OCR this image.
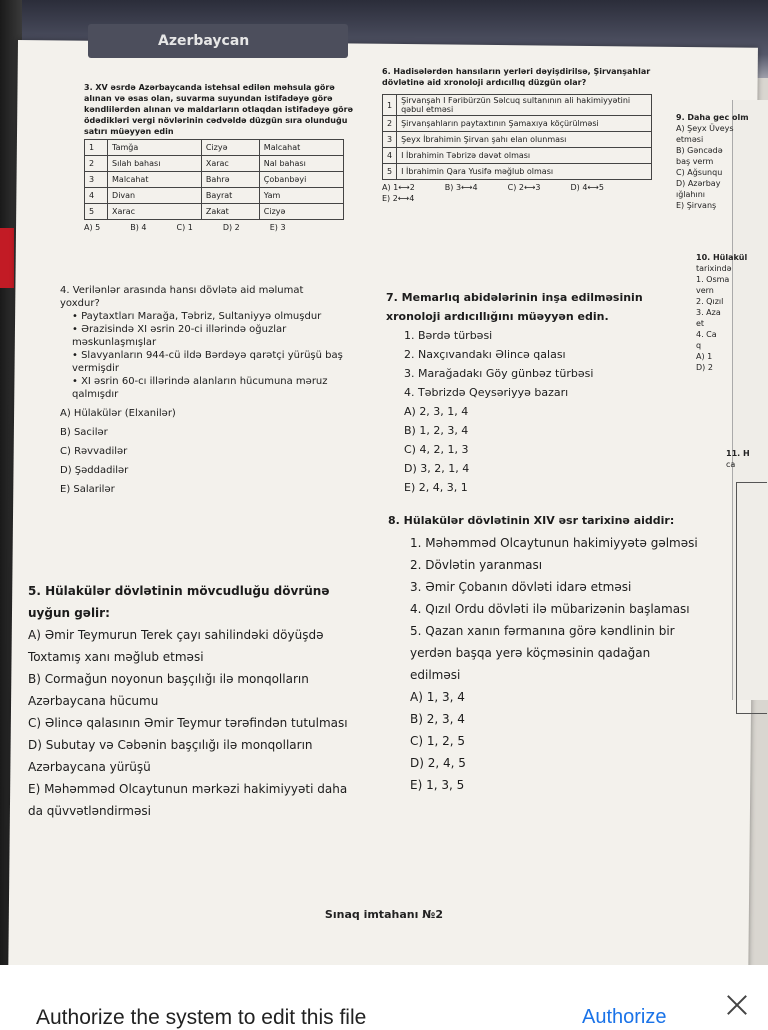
Azerbaycan

3. XV əsrdə Azərbaycanda istehsal edilən məhsula görə alınan və əsas olan, suvarma suyundan istifadəyə görə kəndlilərdən alınan və maldarların otlaqdan istifadəyə görə ödədikləri vergi növlərinin cədvəldə düzgün sıra olunduğu satırı müəyyən edin

1	Tamğa	Cizyə	Malcahat
2	Sılah bahası	Xarac	Nal bahası
3	Malcahat	Bahrə	Çobanbəyi
4	Divan	Bayrat	Yam
5	Xarac	Zakat	Cizyə
A) 5	B) 4	C) 1	D) 2	E) 3

4. Verilənlər arasında hansı dövlətə aid məlumat yoxdur?

• Paytaxtları Marağa, Təbriz, Sultaniyyə olmuşdur
• Ərazisində XI əsrin 20-ci illərində oğuzlar məskunlaşmışlar
• Slavyanların 944-cü ildə Bərdəyə qarətçi yürüşü baş vermişdir
• XI əsrin 60-cı illərində alanların hücumuna məruz qalmışdır
A) Hülakülər (Elxanilər)
B) Sacilər
C) Rəvvadilər
D) Şəddadilər
E) Salarilər

5. Hülakülər dövlətinin mövcudluğu dövrünə uyğun gəlir:

A) Əmir Teymurun Terek çayı sahilindəki döyüşdə Toxtamış xanı məğlub etməsi
B) Cormağun noyonun başçılığı ilə monqolların Azərbaycana hücumu
C) Əlincə qalasının Əmir Teymur tərəfindən tutulması
D) Subutay və Cəbənin başçılığı ilə monqolların Azərbaycana yürüşü
E) Məhəmməd Olcaytunun mərkəzi hakimiyyəti daha da qüvvətləndirməsi

6. Hadisələrdən hansıların yerləri dəyişdirilsə, Şirvanşahlar dövlətinə aid xronoloji ardıcıllıq düzgün olar?

1	Şirvanşah I Fəribürzün Səlcuq sultanının ali hakimiyyətini qəbul etməsi
2	Şirvanşahların paytaxtının Şamaxıya köçürülməsi
3	Şeyx İbrahimin Şirvan şahı elan olunması
4	I İbrahimin Təbrizə dəvət olması
5	I İbrahimin Qara Yusifə məğlub olması
A) 1⟷2	B) 3⟷4	C) 2⟷3	D) 4⟷5
E) 2⟷4

7. Memarlıq abidələrinin inşa edilməsinin xronoloji ardıcıllığını müəyyən edin.

1. Bərdə türbəsi
2. Naxçıvandakı Əlincə qalası
3. Marağadakı Göy günbəz türbəsi
4. Təbrizdə Qeysəriyyə bazarı
A) 2, 3, 1, 4
B) 1, 2, 3, 4
C) 4, 2, 1, 3
D) 3, 2, 1, 4
E) 2, 4, 3, 1

8. Hülakülər dövlətinin XIV əsr tarixinə aiddir:

1. Məhəmməd Olcaytunun hakimiyyətə gəlməsi
2. Dövlətin yaranması
3. Əmir Çobanın dövləti idarə etməsi
4. Qızıl Ordu dövləti ilə mübarizənin başlaması
5. Qazan xanın fərmanına görə kəndlinin bir yerdən başqa yerə köçməsinin qadağan edilməsi
A) 1, 3, 4
B) 2, 3, 4
C) 1, 2, 5
D) 2, 4, 5
E) 1, 3, 5
9. Daha gec olm
A) Şeyx Üveys
etməsi
B) Gəncədə
baş verm
C) Ağsunqu
D) Azərbay
ığlahını
E) Şirvanş
10. Hülakül
tarixində
1. Osma
vern
2. Qızıl
3. Aza
et
4. Ca
q
A) 1
D) 2
11. H
ca
Sınaq imtahanı №2
Authorize the system to edit this file	Authorize
